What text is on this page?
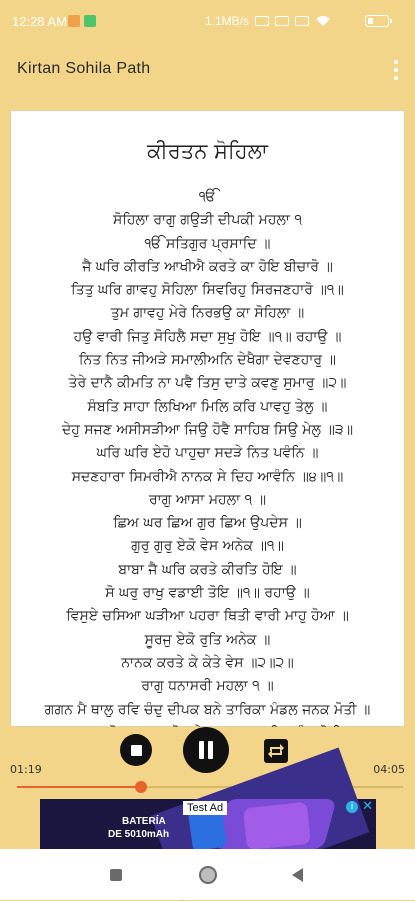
12:28 AM	1.1MB/s
Kirtan Sohila Path
ਕੀਰਤਨ ਸੋਹਿਲਾ
ੴ
ਸੋਹਿਲਾ ਰਾਗੁ ਗਉੜੀ ਦੀਪਕੀ ਮਹਲਾ ੧
ੴ ਸਤਿਗੁਰ ਪ੍ਰਸਾਦਿ ॥
ਜੈ ਘਰਿ ਕੀਰਤਿ ਆਖੀਐ ਕਰਤੇ ਕਾ ਹੋਇ ਬੀਚਾਰੋ ॥
ਤਿਤੁ ਘਰਿ ਗਾਵਹੁ ਸੋਹਿਲਾ ਸਿਵਰਿਹੁ ਸਿਰਜਣਹਾਰੋ ॥੧॥
ਤੁਮ ਗਾਵਹੁ ਮੇਰੇ ਨਿਰਭਉ ਕਾ ਸੋਹਿਲਾ ॥
ਹਉ ਵਾਰੀ ਜਿਤੁ ਸੋਹਿਲੈ ਸਦਾ ਸੁਖੁ ਹੋਇ ॥੧॥ ਰਹਾਉ ॥
ਨਿਤ ਨਿਤ ਜੀਅੜੇ ਸਮਾਲੀਅਨਿ ਦੇਖੈਗਾ ਦੇਵਣਹਾਰੁ ॥
ਤੇਰੇ ਦਾਨੈ ਕੀਮਤਿ ਨਾ ਪਵੈ ਤਿਸੁ ਦਾਤੇ ਕਵਣੁ ਸੁਮਾਰੁ ॥੨॥
ਸੰਬਤਿ ਸਾਹਾ ਲਿਖਿਆ ਮਿਲਿ ਕਰਿ ਪਾਵਹੁ ਤੇਲੁ ॥
ਦੇਹੁ ਸਜਣ ਅਸੀਸੜੀਆ ਜਿਉ ਹੋਵੈ ਸਾਹਿਬ ਸਿਉ ਮੇਲੁ ॥੩॥
ਘਰਿ ਘਰਿ ਏਹੋ ਪਾਹੁਚਾ ਸਦੜੇ ਨਿਤ ਪਵੰਨਿ ॥
ਸਦਣਹਾਰਾ ਸਿਮਰੀਐ ਨਾਨਕ ਸੇ ਦਿਹ ਆਵੰਨਿ ॥੪॥੧॥
ਰਾਗੁ ਆਸਾ ਮਹਲਾ ੧ ॥
ਛਿਅ ਘਰ ਛਿਅ ਗੁਰ ਛਿਅ ਉਪਦੇਸ ॥
ਗੁਰੁ ਗੁਰੁ ਏਕੋ ਵੇਸ ਅਨੇਕ ॥੧॥
ਬਾਬਾ ਜੈ ਘਰਿ ਕਰਤੇ ਕੀਰਤਿ ਹੋਇ ॥
ਸੋ ਘਰੁ ਰਾਖੁ ਵਡਾਈ ਤੋਇ ॥੧॥ ਰਹਾਉ ॥
ਵਿਸੁਏ ਚਸਿਆ ਘੜੀਆ ਪਹਰਾ ਥਿਤੀ ਵਾਰੀ ਮਾਹੁ ਹੋਆ ॥
ਸੂਰਜੁ ਏਕੋ ਰੁਤਿ ਅਨੇਕ ॥
ਨਾਨਕ ਕਰਤੇ ਕੇ ਕੇਤੇ ਵੇਸ ॥੨॥੨॥
ਰਾਗੁ ਧਨਾਸਰੀ ਮਹਲਾ ੧ ॥
ਗਗਨ ਮੈ ਥਾਲੁ ਰਵਿ ਚੰਦੁ ਦੀਪਕ ਬਨੇ ਤਾਰਿਕਾ ਮੰਡਲ ਜਨਕ ਮੋਤੀ ॥
01:19	04:05
Test Ad
BATERÍA
DE 5010mAh
i ✕
